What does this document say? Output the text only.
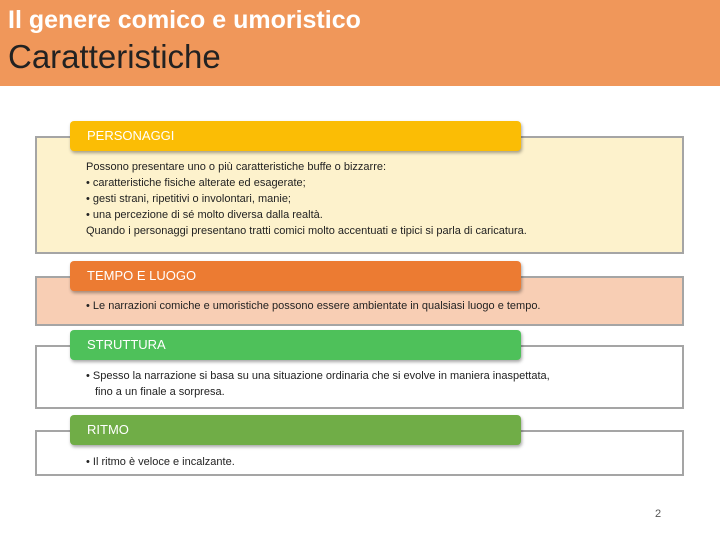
Il genere comico e umoristico
Caratteristiche
PERSONAGGI
Possono presentare uno o più caratteristiche buffe o bizzarre:
• caratteristiche fisiche alterate ed esagerate;
• gesti strani, ripetitivi o involontari, manie;
• una percezione di sé molto diversa dalla realtà.
Quando i personaggi presentano tratti comici molto accentuati e tipici si parla di caricatura.
TEMPO E LUOGO
• Le narrazioni comiche e umoristiche possono essere ambientate in qualsiasi luogo e tempo.
STRUTTURA
• Spesso la narrazione si basa su una situazione ordinaria che si evolve in maniera inaspettata,
fino a un finale a sorpresa.
RITMO
• Il ritmo è veloce e incalzante.
2
